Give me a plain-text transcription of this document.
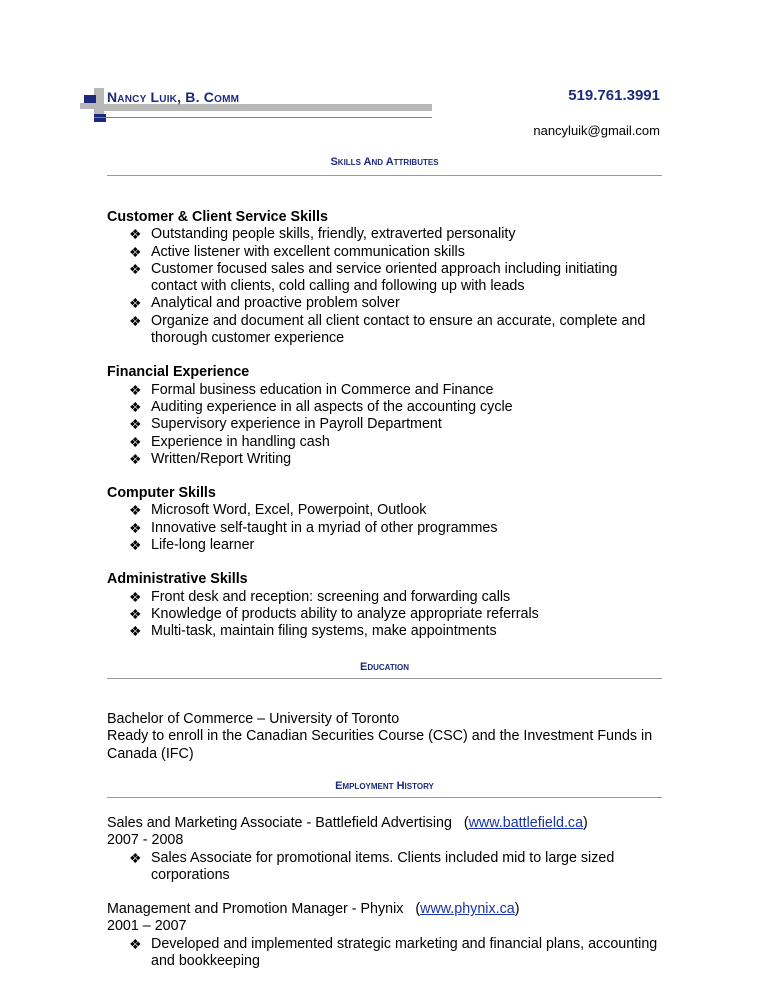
Nancy Luik, B. Comm	519.761.3991
nancyluik@gmail.com
Skills And Attributes
Customer & Client Service Skills
❖ Outstanding people skills, friendly, extraverted personality
❖ Active listener with excellent communication skills
❖ Customer focused sales and service oriented approach including initiating contact with clients, cold calling and following up with leads
❖ Analytical and proactive problem solver
❖ Organize and document all client contact to ensure an accurate, complete and thorough customer experience
Financial Experience
❖ Formal business education in Commerce and Finance
❖ Auditing experience in all aspects of the accounting cycle
❖ Supervisory experience in Payroll Department
❖ Experience in handling cash
❖ Written/Report Writing
Computer Skills
❖ Microsoft Word, Excel, Powerpoint, Outlook
❖ Innovative self-taught in a myriad of other programmes
❖ Life-long learner
Administrative Skills
❖ Front desk and reception: screening and forwarding calls
❖ Knowledge of products ability to analyze appropriate referrals
❖ Multi-task, maintain filing systems, make appointments
Education
Bachelor of Commerce – University of Toronto
Ready to enroll in the Canadian Securities Course (CSC) and the Investment Funds in Canada (IFC)
Employment History
Sales and Marketing Associate - Battlefield Advertising   (www.battlefield.ca)
2007 - 2008
❖ Sales Associate for promotional items. Clients included mid to large sized corporations
Management and Promotion Manager - Phynix   (www.phynix.ca)
2001 – 2007
❖ Developed and implemented strategic marketing and financial plans, accounting and bookkeeping
